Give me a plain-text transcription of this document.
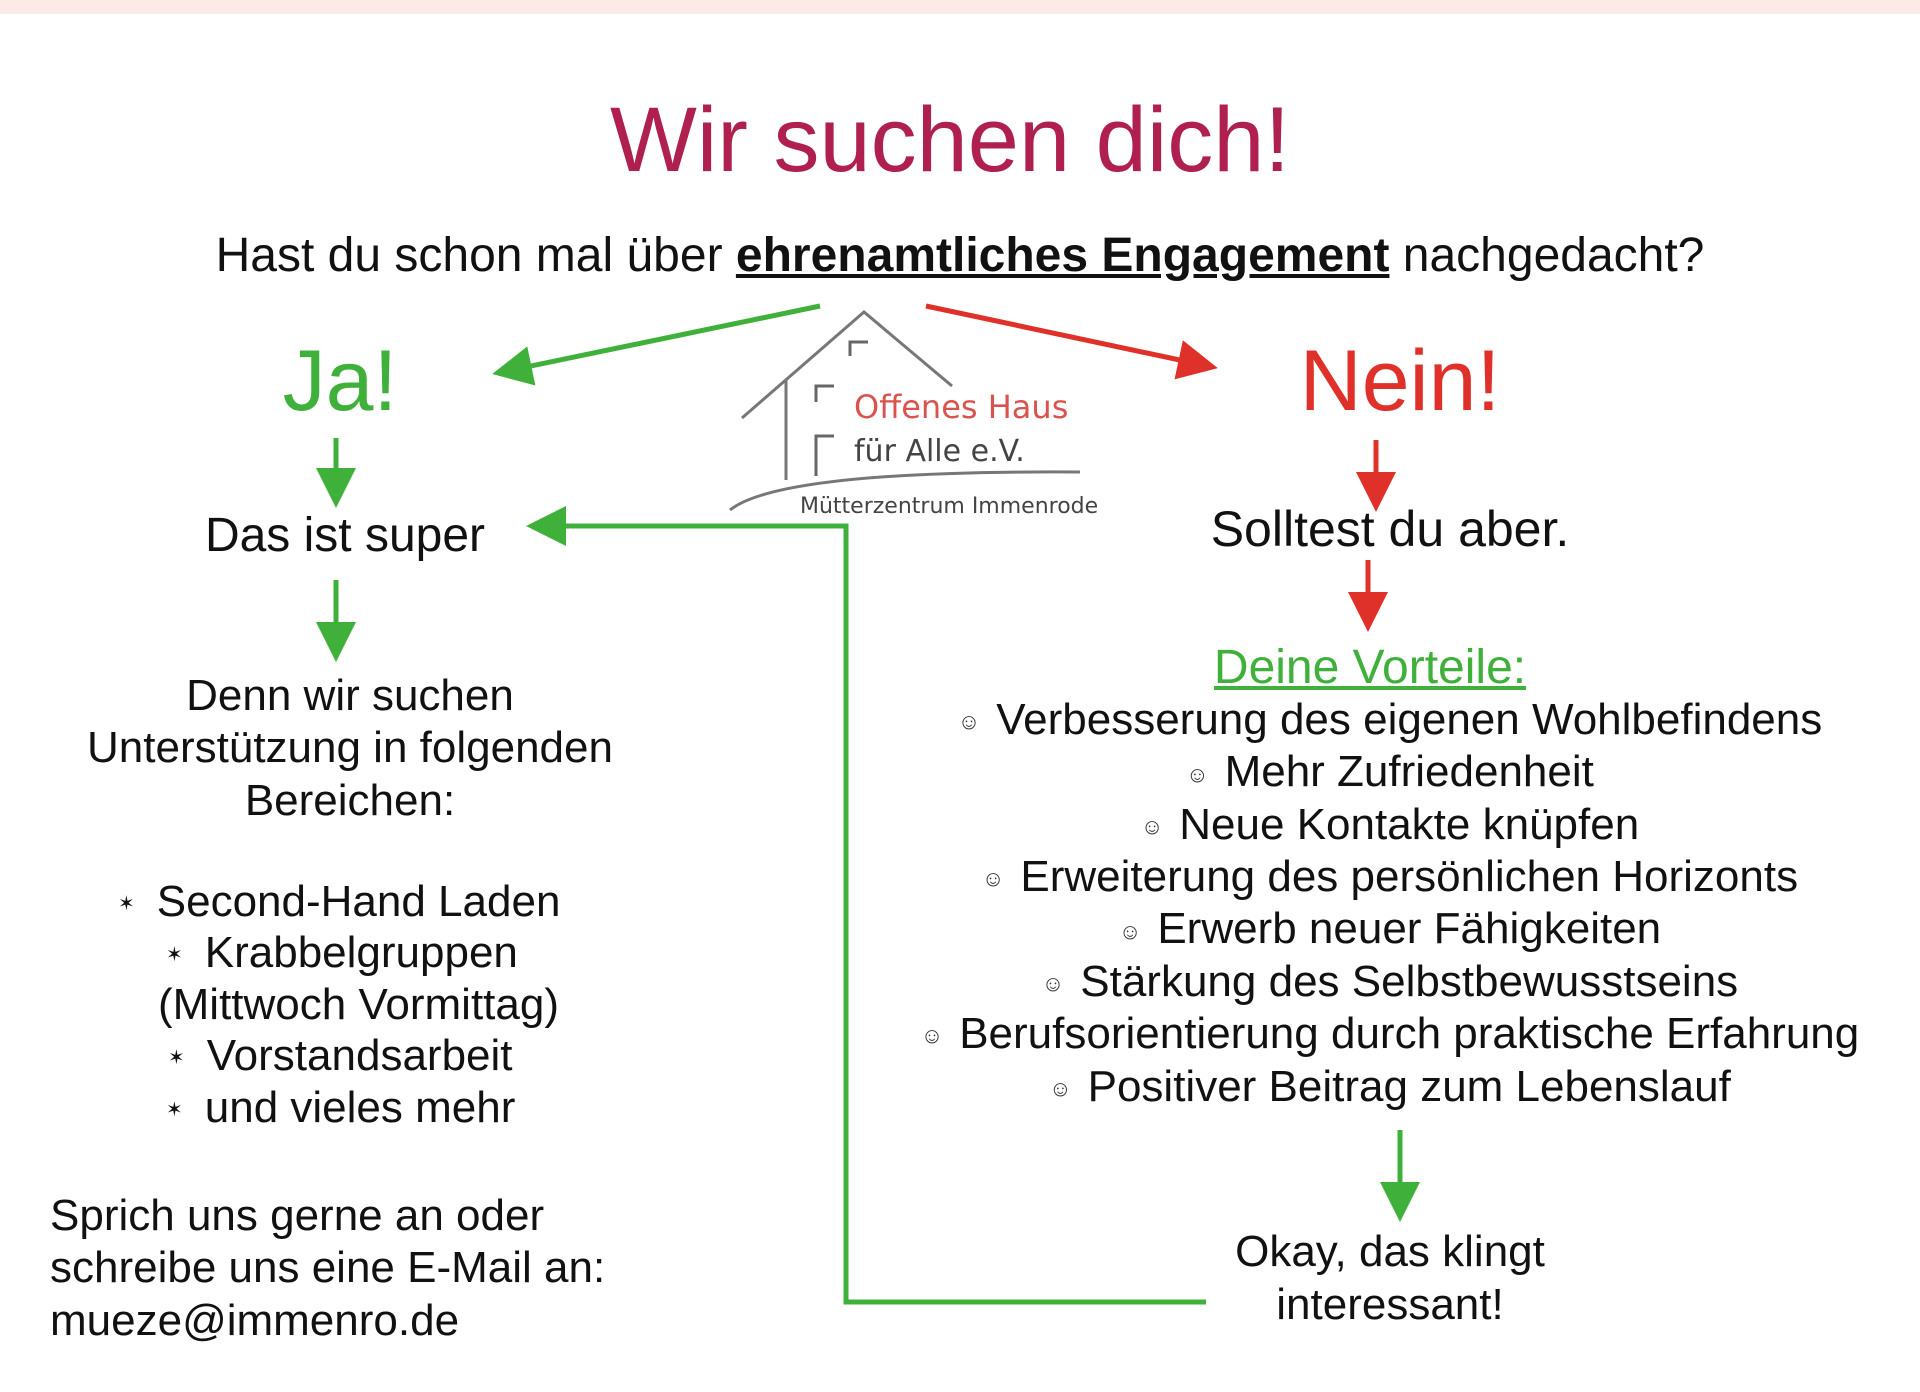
Offenes Haus
für Alle e.V.
Mütterzentrum Immenrode
Wir suchen dich!
Hast du schon mal über ehrenamtliches Engagement nachgedacht?
Ja!
Das ist super
Denn wir suchen
Unterstützung in folgenden
Bereichen:
✶ Second-Hand Laden
✶ Krabbelgruppen
(Mittwoch Vormittag)
✶ Vorstandsarbeit
✶ und vieles mehr
Sprich uns gerne an oder
schreibe uns eine E-Mail an:
mueze@immenro.de
Nein!
Solltest du aber.
Deine Vorteile:
☺ Verbesserung des eigenen Wohlbefindens
☺ Mehr Zufriedenheit
☺ Neue Kontakte knüpfen
☺ Erweiterung des persönlichen Horizonts
☺ Erwerb neuer Fähigkeiten
☺ Stärkung des Selbstbewusstseins
☺ Berufsorientierung durch praktische Erfahrung
☺ Positiver Beitrag zum Lebenslauf
Okay, das klingt
interessant!
